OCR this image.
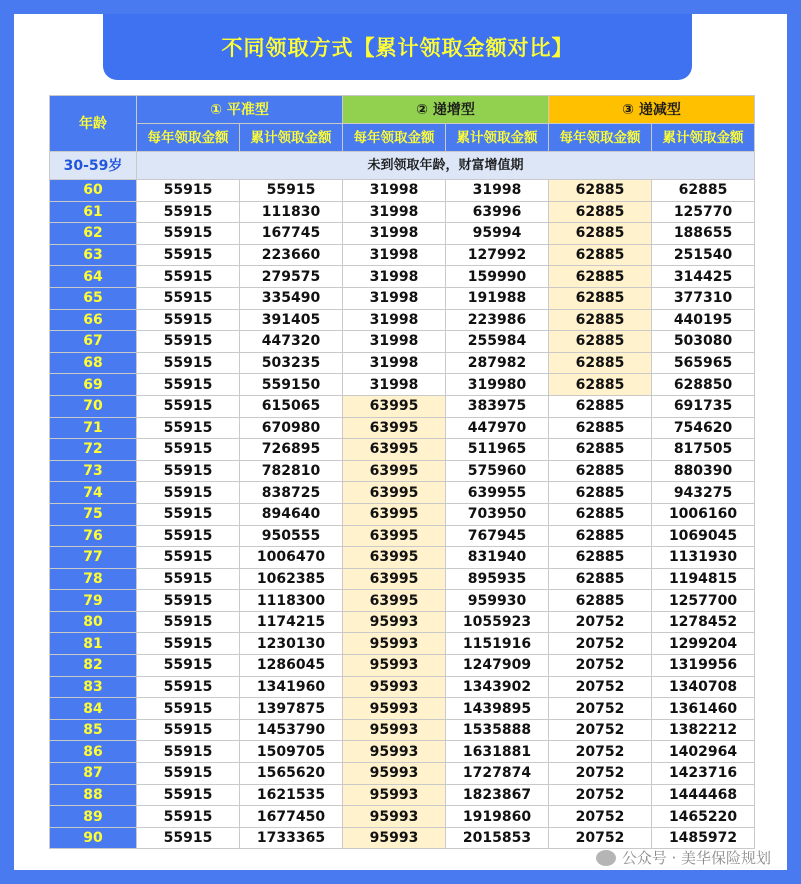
不同领取方式【累计领取金额对比】
年龄	① 平准型		② 递增型		③ 递减型	
	每年领取金额	累计领取金额	每年领取金额	累计领取金额	每年领取金额	累计领取金额
30-59岁	未到领取年龄，财富增值期					
60	55915	55915	31998	31998	62885	62885
61	55915	111830	31998	63996	62885	125770
62	55915	167745	31998	95994	62885	188655
63	55915	223660	31998	127992	62885	251540
64	55915	279575	31998	159990	62885	314425
65	55915	335490	31998	191988	62885	377310
66	55915	391405	31998	223986	62885	440195
67	55915	447320	31998	255984	62885	503080
68	55915	503235	31998	287982	62885	565965
69	55915	559150	31998	319980	62885	628850
70	55915	615065	63995	383975	62885	691735
71	55915	670980	63995	447970	62885	754620
72	55915	726895	63995	511965	62885	817505
73	55915	782810	63995	575960	62885	880390
74	55915	838725	63995	639955	62885	943275
75	55915	894640	63995	703950	62885	1006160
76	55915	950555	63995	767945	62885	1069045
77	55915	1006470	63995	831940	62885	1131930
78	55915	1062385	63995	895935	62885	1194815
79	55915	1118300	63995	959930	62885	1257700
80	55915	1174215	95993	1055923	20752	1278452
81	55915	1230130	95993	1151916	20752	1299204
82	55915	1286045	95993	1247909	20752	1319956
83	55915	1341960	95993	1343902	20752	1340708
84	55915	1397875	95993	1439895	20752	1361460
85	55915	1453790	95993	1535888	20752	1382212
86	55915	1509705	95993	1631881	20752	1402964
87	55915	1565620	95993	1727874	20752	1423716
88	55915	1621535	95993	1823867	20752	1444468
89	55915	1677450	95993	1919860	20752	1465220
90	55915	1733365	95993	2015853	20752	1485972
公众号 · 美华保险规划
